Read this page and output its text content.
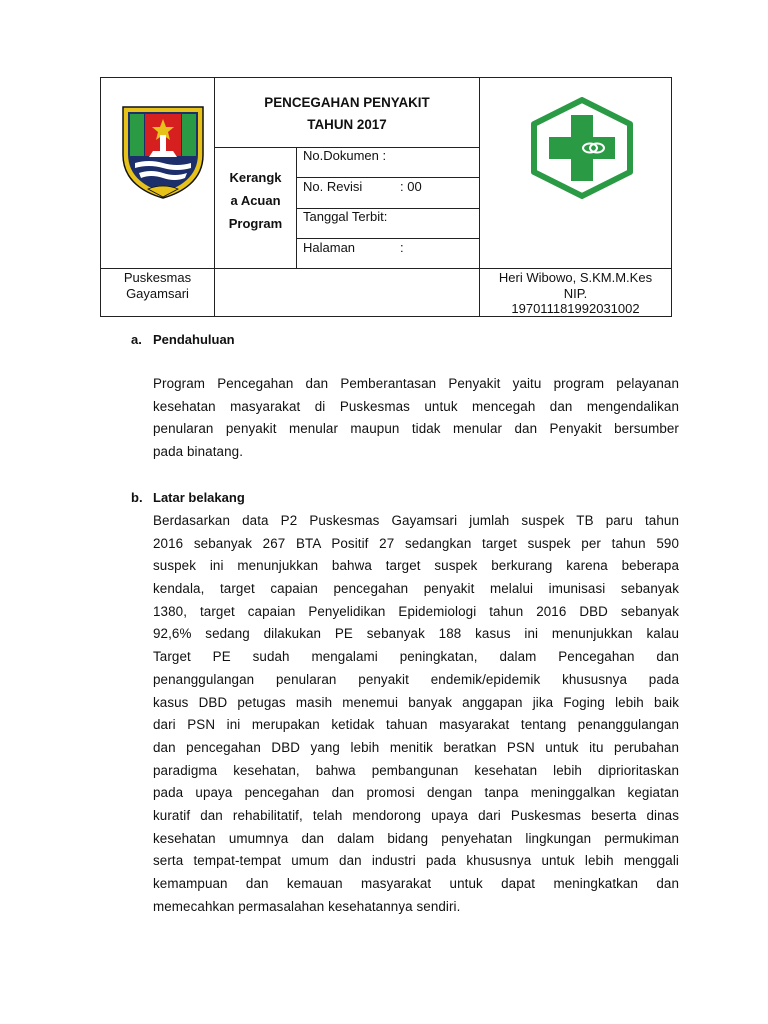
PENCEGAHAN PENYAKIT
TAHUN 2017
Kerangk
a Acuan
Program
No.Dokumen :
No. Revisi	: 00
Tanggal Terbit:
Halaman	:
Puskesmas
Gayamsari
Heri Wibowo, S.KM.M.Kes
NIP.
197011181992031002
a. Pendahuluan
Program Pencegahan dan Pemberantasan Penyakit yaitu program pelayanan
kesehatan masyarakat di Puskesmas untuk mencegah dan mengendalikan
penularan penyakit menular maupun tidak menular dan Penyakit bersumber
pada binatang.
b. Latar belakang
Berdasarkan data P2 Puskesmas Gayamsari jumlah suspek TB paru tahun
2016 sebanyak 267 BTA Positif 27 sedangkan target suspek per tahun 590
suspek ini menunjukkan bahwa target suspek berkurang karena beberapa
kendala, target capaian pencegahan penyakit melalui imunisasi sebanyak
1380, target capaian Penyelidikan Epidemiologi tahun 2016 DBD sebanyak
92,6% sedang dilakukan PE sebanyak 188 kasus ini menunjukkan kalau
Target PE sudah mengalami peningkatan, dalam Pencegahan dan
penanggulangan penularan penyakit endemik/epidemik khususnya pada
kasus DBD petugas masih menemui banyak anggapan jika Foging lebih baik
dari PSN ini merupakan ketidak tahuan masyarakat tentang penanggulangan
dan pencegahan DBD yang lebih menitik beratkan PSN untuk itu perubahan
paradigma kesehatan, bahwa pembangunan kesehatan lebih diprioritaskan
pada upaya pencegahan dan promosi dengan tanpa meninggalkan kegiatan
kuratif dan rehabilitatif, telah mendorong upaya dari Puskesmas beserta dinas
kesehatan umumnya dan dalam bidang penyehatan lingkungan permukiman
serta tempat-tempat umum dan industri pada khususnya untuk lebih menggali
kemampuan dan kemauan masyarakat untuk dapat meningkatkan dan
memecahkan permasalahan kesehatannya sendiri.
